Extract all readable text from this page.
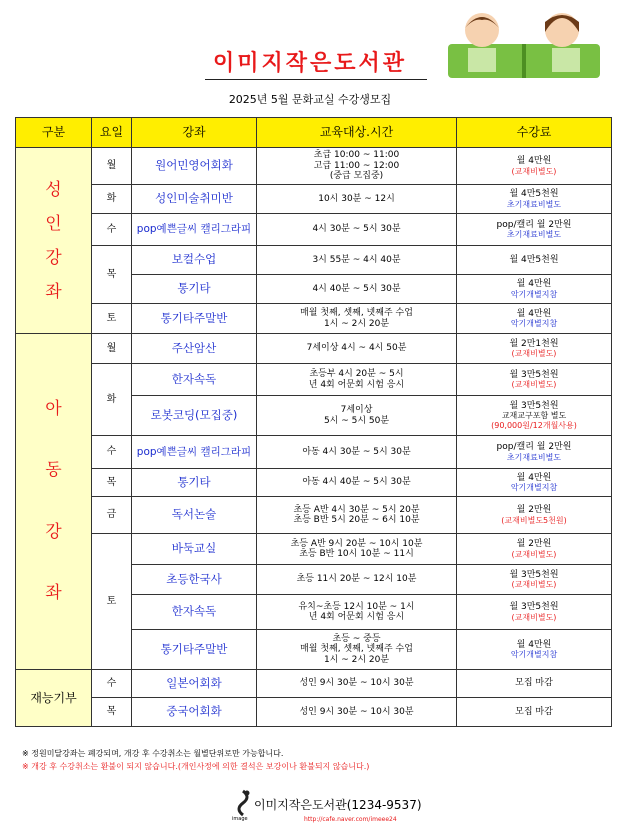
이미지작은도서관
2025년 5월 문화교실 수강생모집
구분	요일	강좌	교육대상.시간	수강료
성인강좌	월	원어민영어회화	초급 10:00 ~ 11:00
고급 11:00 ~ 12:00
(중급 모집중)	월 4만원
(교재비별도)

	화	성인미술취미반	10시 30분 ~ 12시	월 4만5천원
초기재료비별도

	수	pop예쁜글씨 캘리그라피	4시 30분 ~ 5시 30분	pop/캘리 월 2만원
초기재료비별도

	목	보컬수업	3시 55분 ~ 4시 40분	월 4만5천원

		통기타	4시 40분 ~ 5시 30분	월 4만원
악기개별지참

	토	통기타주말반	매월 첫째, 셋째, 넷째주 수업
1시 ~ 2시 20분	월 4만원
악기개별지참

아동강좌	월	주산암산	7세이상 4시 ~ 4시 50분	월 2만1천원
(교재비별도)

	화	한자속독	초등부 4시 20분 ~ 5시
년 4회 어문회 시험 응시	월 3만5천원
(교재비별도)

		로봇코딩(모집중)	7세이상
5시 ~ 5시 50분	월 3만5천원
교재교구포함 별도
(90,000원/12개월사용)

	수	pop예쁜글씨 캘리그라피	아동 4시 30분 ~ 5시 30분	pop/캘리 월 2만원
초기재료비별도

	목	통기타	아동 4시 40분 ~ 5시 30분	월 4만원
악기개별지참

	금	독서논술	초등 A반 4시 30분 ~ 5시 20분
초등 B반 5시 20분 ~ 6시 10분	월 2만원
(교재비별도5천원)

	토	바둑교실	초등 A반 9시 20분 ~ 10시 10분
초등 B반 10시 10분 ~ 11시	월 2만원
(교재비별도)

		초등한국사	초등 11시 20분 ~ 12시 10분	월 3만5천원
(교재비별도)

		한자속독	유치~초등 12시 10분 ~ 1시
년 4회 어문회 시험 응시	월 3만5천원
(교재비별도)

		통기타주말반	초등 ~ 중등
매월 첫째, 셋째, 넷째주 수업
1시 ~ 2시 20분	월 4만원
악기개별지참

재능기부	수	일본어회화	성인 9시 30분 ~ 10시 30분	모집 마감
	목	중국어회화	성인 9시 30분 ~ 10시 30분	모집 마감
※ 정원미달강좌는 폐강되며, 개강 후 수강취소는 월별단위로만 가능합니다.
※ 개강 후 수강취소는 환불이 되지 않습니다.(개인사정에 의한 결석은 보강이나 환불되지 않습니다.)
image
이미지작은도서관(1234-9537)
http://cafe.naver.com/imeee24
